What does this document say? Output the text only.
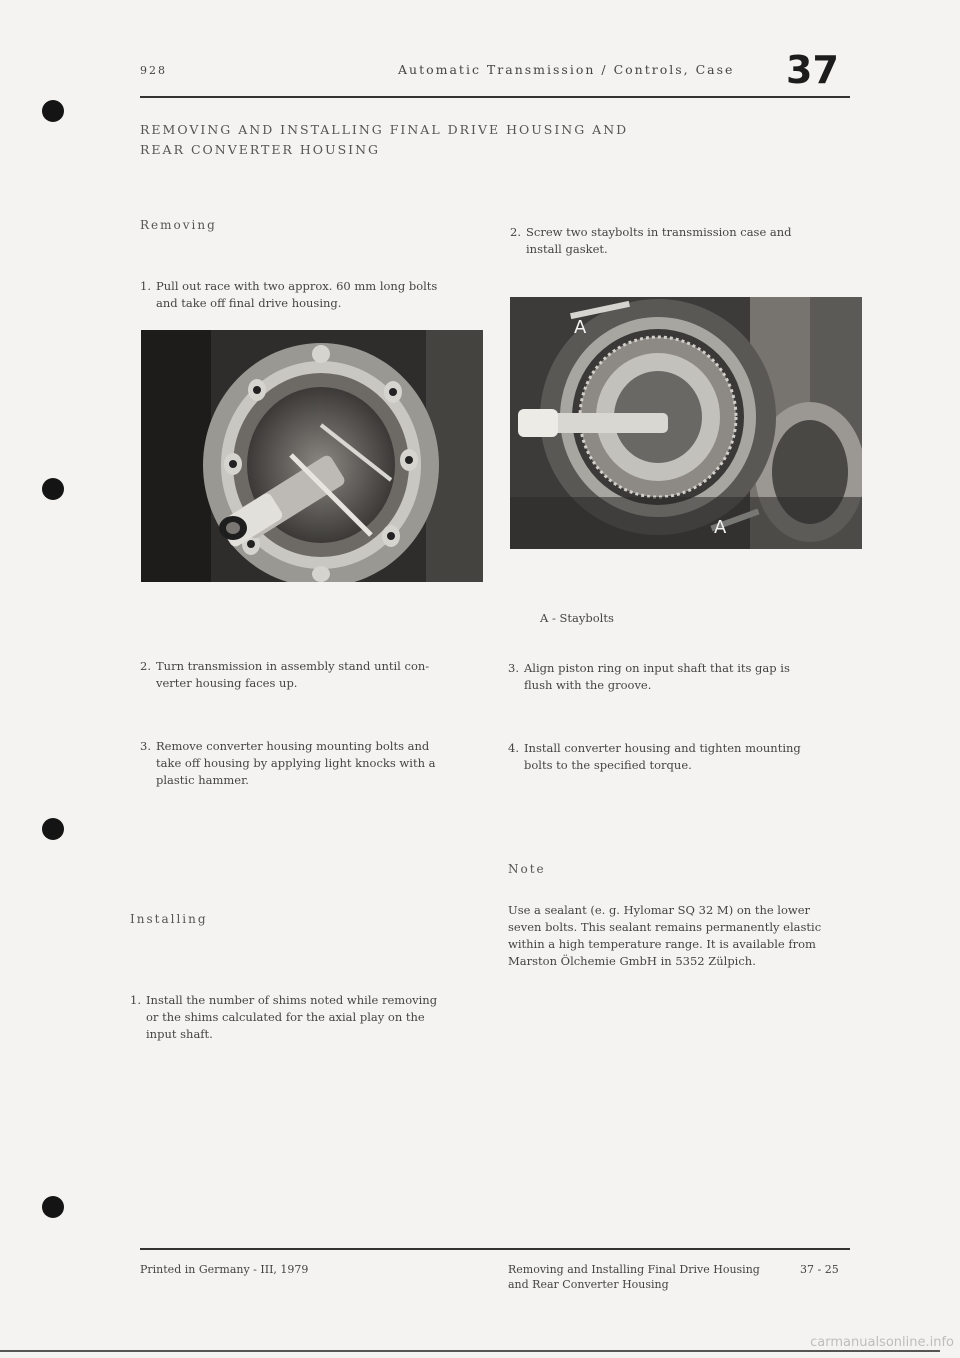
928	Automatic Transmission / Controls, Case 37
REMOVING AND INSTALLING FINAL DRIVE HOUSING AND
REAR CONVERTER HOUSING
Removing
1. Pull out race with two approx. 60 mm long bolts
and take off final drive housing.
2. Turn transmission in assembly stand until con-
verter housing faces up.
3. Remove converter housing mounting bolts and
take off housing by applying light knocks with a
plastic hammer.
Installing
1. Install the number of shims noted while removing
or the shims calculated for the axial play on the
input shaft.
2. Screw two staybolts in transmission case and
install gasket.
A
A
A - Staybolts
3. Align piston ring on input shaft that its gap is
flush with the groove.
4. Install converter housing and tighten mounting
bolts to the specified torque.
Note
Use a sealant (e. g. Hylomar SQ 32 M) on the lower
seven bolts. This sealant remains permanently elastic
within a high temperature range. It is available from
Marston Ölchemie GmbH in 5352 Zülpich.
Printed in Germany - III, 1979	Removing and Installing Final Drive Housing
and Rear Converter Housing
37 - 25
carmanualsonline.info
